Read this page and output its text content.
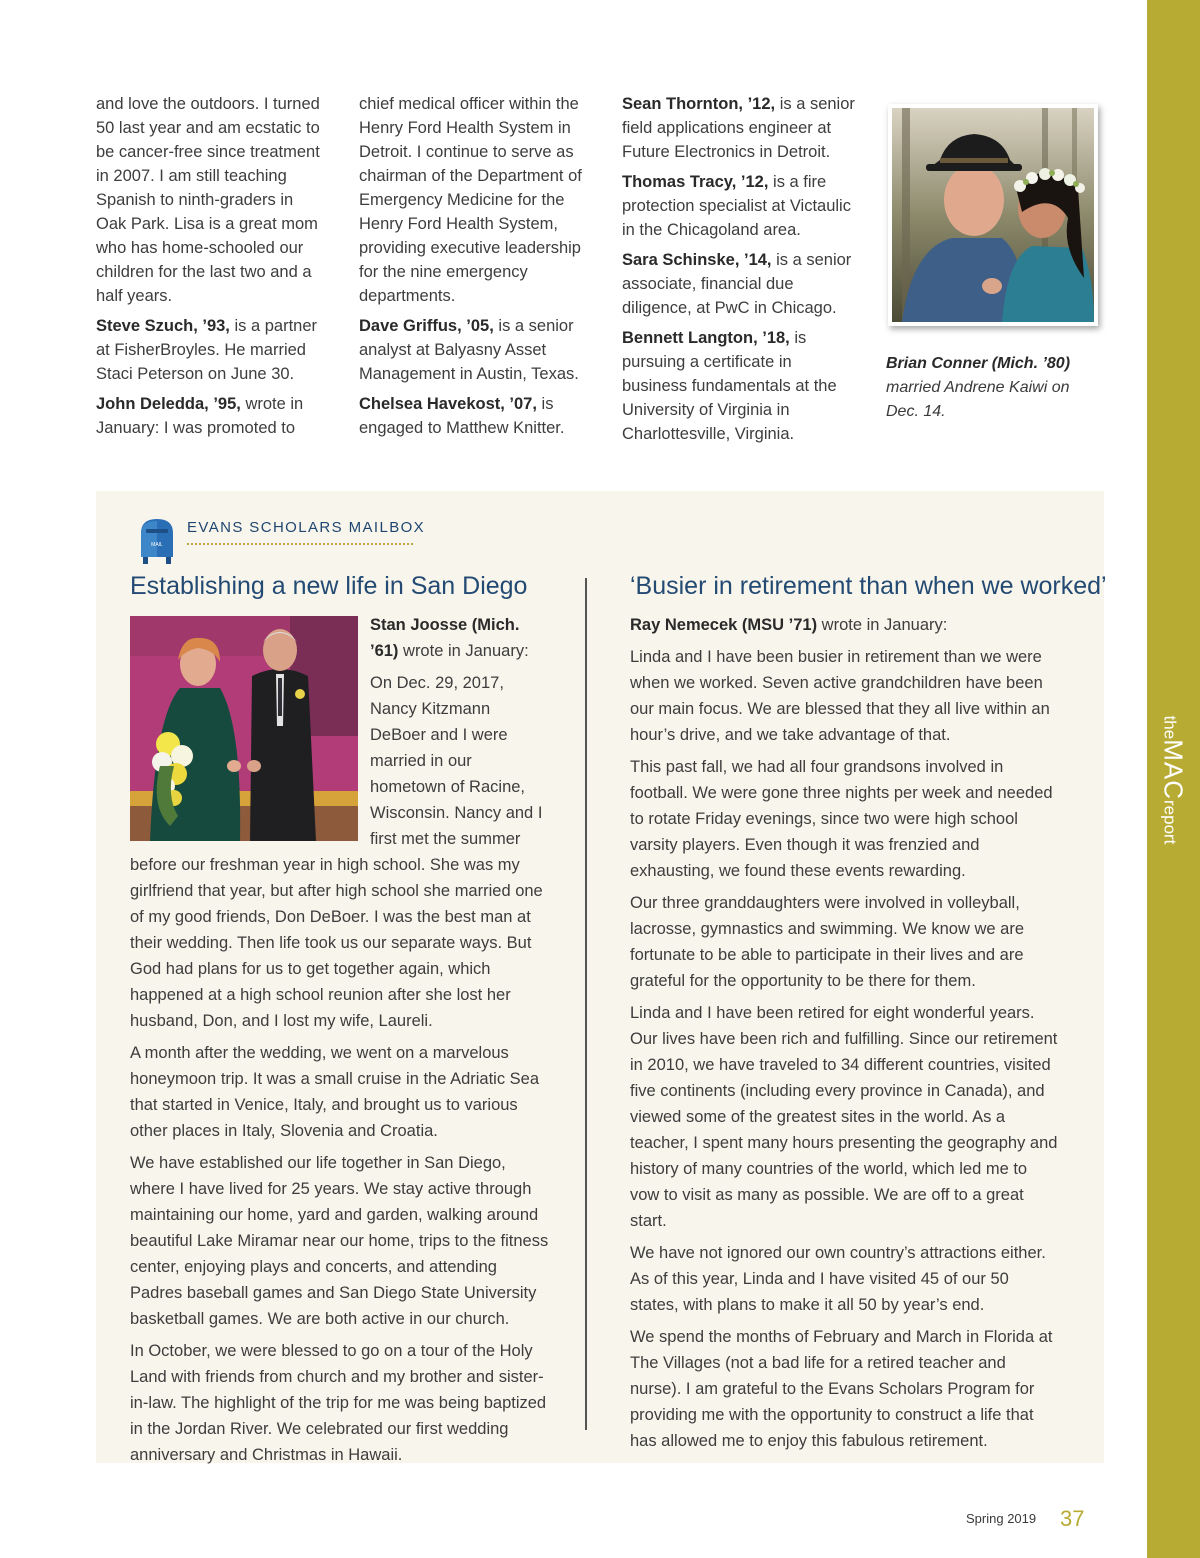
theMACreport

and love the outdoors. I turned 50 last year and am ecstatic to be cancer-free since treatment in 2007. I am still teaching Spanish to ninth-graders in Oak Park. Lisa is a great mom who has home-schooled our children for the last two and a half years.

Steve Szuch, ’93, is a partner at FisherBroyles. He married Staci Peterson on June 30.

John Deledda, ’95, wrote in January: I was promoted to

chief medical officer within the Henry Ford Health System in Detroit. I continue to serve as chairman of the Department of Emergency Medicine for the Henry Ford Health System, providing executive leadership for the nine emergency departments.

Dave Griffus, ’05, is a senior analyst at Balyasny Asset Management in Austin, Texas.

Chelsea Havekost, ’07, is engaged to Matthew Knitter.

Sean Thornton, ’12, is a senior field applications engineer at Future Electronics in Detroit.

Thomas Tracy, ’12, is a fire protection specialist at Victaulic in the Chicagoland area.

Sara Schinske, ’14, is a senior associate, financial due diligence, at PwC in Chicago.

Bennett Langton, ’18, is pursuing a certificate in business fundamentals at the University of Virginia in Charlottesville, Virginia.

Brian Conner (Mich. ’80) married Andrene Kaiwi on Dec. 14.
MAIL
EVANS SCHOLARS MAILBOX
Establishing a new life in San Diego	‘Busier in retirement than when we worked’

Stan Joosse (Mich. ’61) wrote in January:

On Dec. 29, 2017, Nancy Kitzmann DeBoer and I were married in our hometown of Racine, Wisconsin. Nancy and I first met the summer before our freshman year in high school. She was my girlfriend that year, but after high school she married one of my good friends, Don DeBoer. I was the best man at their wedding. Then life took us our separate ways. But God had plans for us to get together again, which happened at a high school reunion after she lost her husband, Don, and I lost my wife, Laureli.

A month after the wedding, we went on a marvelous honeymoon trip. It was a small cruise in the Adriatic Sea that started in Venice, Italy, and brought us to various other places in Italy, Slovenia and Croatia.

We have established our life together in San Diego, where I have lived for 25 years. We stay active through maintaining our home, yard and garden, walking around beautiful Lake Miramar near our home, trips to the fitness center, enjoying plays and concerts, and attending Padres baseball games and San Diego State University basketball games. We are both active in our church.

In October, we were blessed to go on a tour of the Holy Land with friends from church and my brother and sister-in-law. The highlight of the trip for me was being baptized in the Jordan River. We celebrated our first wedding anniversary and Christmas in Hawaii.

Ray Nemecek (MSU ’71) wrote in January:

Linda and I have been busier in retirement than we were when we worked. Seven active grandchildren have been our main focus. We are blessed that they all live within an hour’s drive, and we take advantage of that.

This past fall, we had all four grandsons involved in football. We were gone three nights per week and needed to rotate Friday evenings, since two were high school varsity players. Even though it was frenzied and exhausting, we found these events rewarding.

Our three granddaughters were involved in volleyball, lacrosse, gymnastics and swimming. We know we are fortunate to be able to participate in their lives and are grateful for the opportunity to be there for them.

Linda and I have been retired for eight wonderful years. Our lives have been rich and fulfilling. Since our retirement in 2010, we have traveled to 34 different countries, visited five continents (including every province in Canada), and viewed some of the greatest sites in the world. As a teacher, I spent many hours presenting the geography and history of many countries of the world, which led me to vow to visit as many as possible. We are off to a great start.

We have not ignored our own country’s attractions either. As of this year, Linda and I have visited 45 of our 50 states, with plans to make it all 50 by year’s end.

We spend the months of February and March in Florida at The Villages (not a bad life for a retired teacher and nurse). I am grateful to the Evans Scholars Program for providing me with the opportunity to construct a life that has allowed me to enjoy this fabulous retirement.

Spring 2019 37
